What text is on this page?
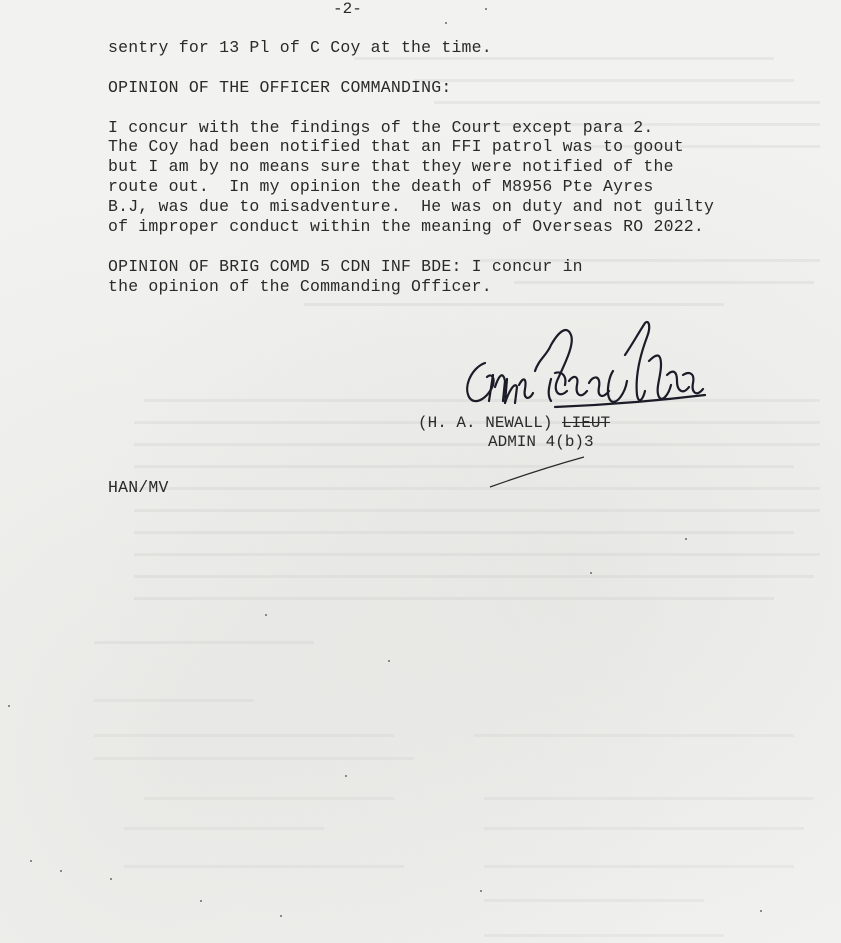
-2-
sentry for 13 Pl of C Coy at the time.
OPINION OF THE OFFICER COMMANDING:
I concur with the findings of the Court except para 2.
The Coy had been notified that an FFI patrol was to goout
but I am by no means sure that they were notified of the
route out.  In my opinion the death of M8956 Pte Ayres
B.J, was due to misadventure.  He was on duty and not guilty
of improper conduct within the meaning of Overseas RO 2022.
OPINION OF BRIG COMD 5 CDN INF BDE: I concur in
the opinion of the Commanding Officer.
(H. A. NEWALL) LIEUT
ADMIN 4(b)3
HAN/MV
